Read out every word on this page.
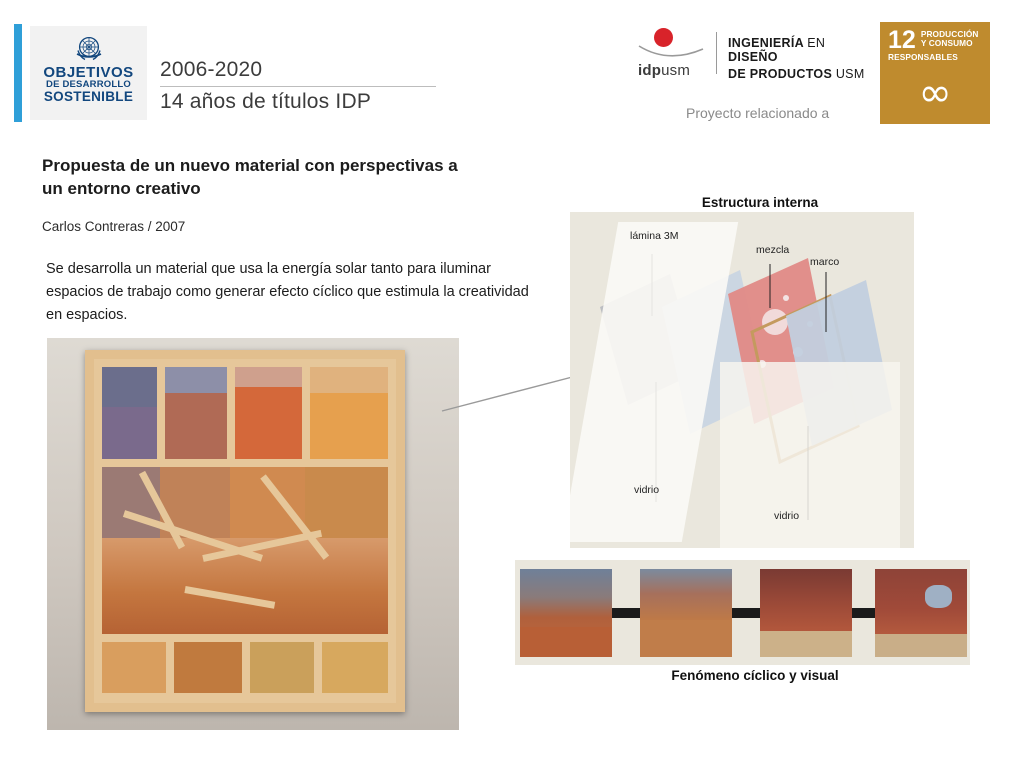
OBJETIVOS
DE DESARROLLO
SOSTENIBLE
2006-2020
14 años de títulos IDP
idpusm
INGENIERÍA EN DISEÑO
DE PRODUCTOS USM
Proyecto relacionado a
12 PRODUCCIÓN
Y CONSUMO
RESPONSABLES
∞
Propuesta de un nuevo material con perspectivas a un entorno creativo
Carlos Contreras / 2007
Se desarrolla un material que usa la energía solar tanto para iluminar espacios de trabajo como generar efecto cíclico que estimula la creatividad en espacios.
Estructura interna
lámina 3M
mezcla
marco
vidrio
vidrio
Fenómeno cíclico y visual
